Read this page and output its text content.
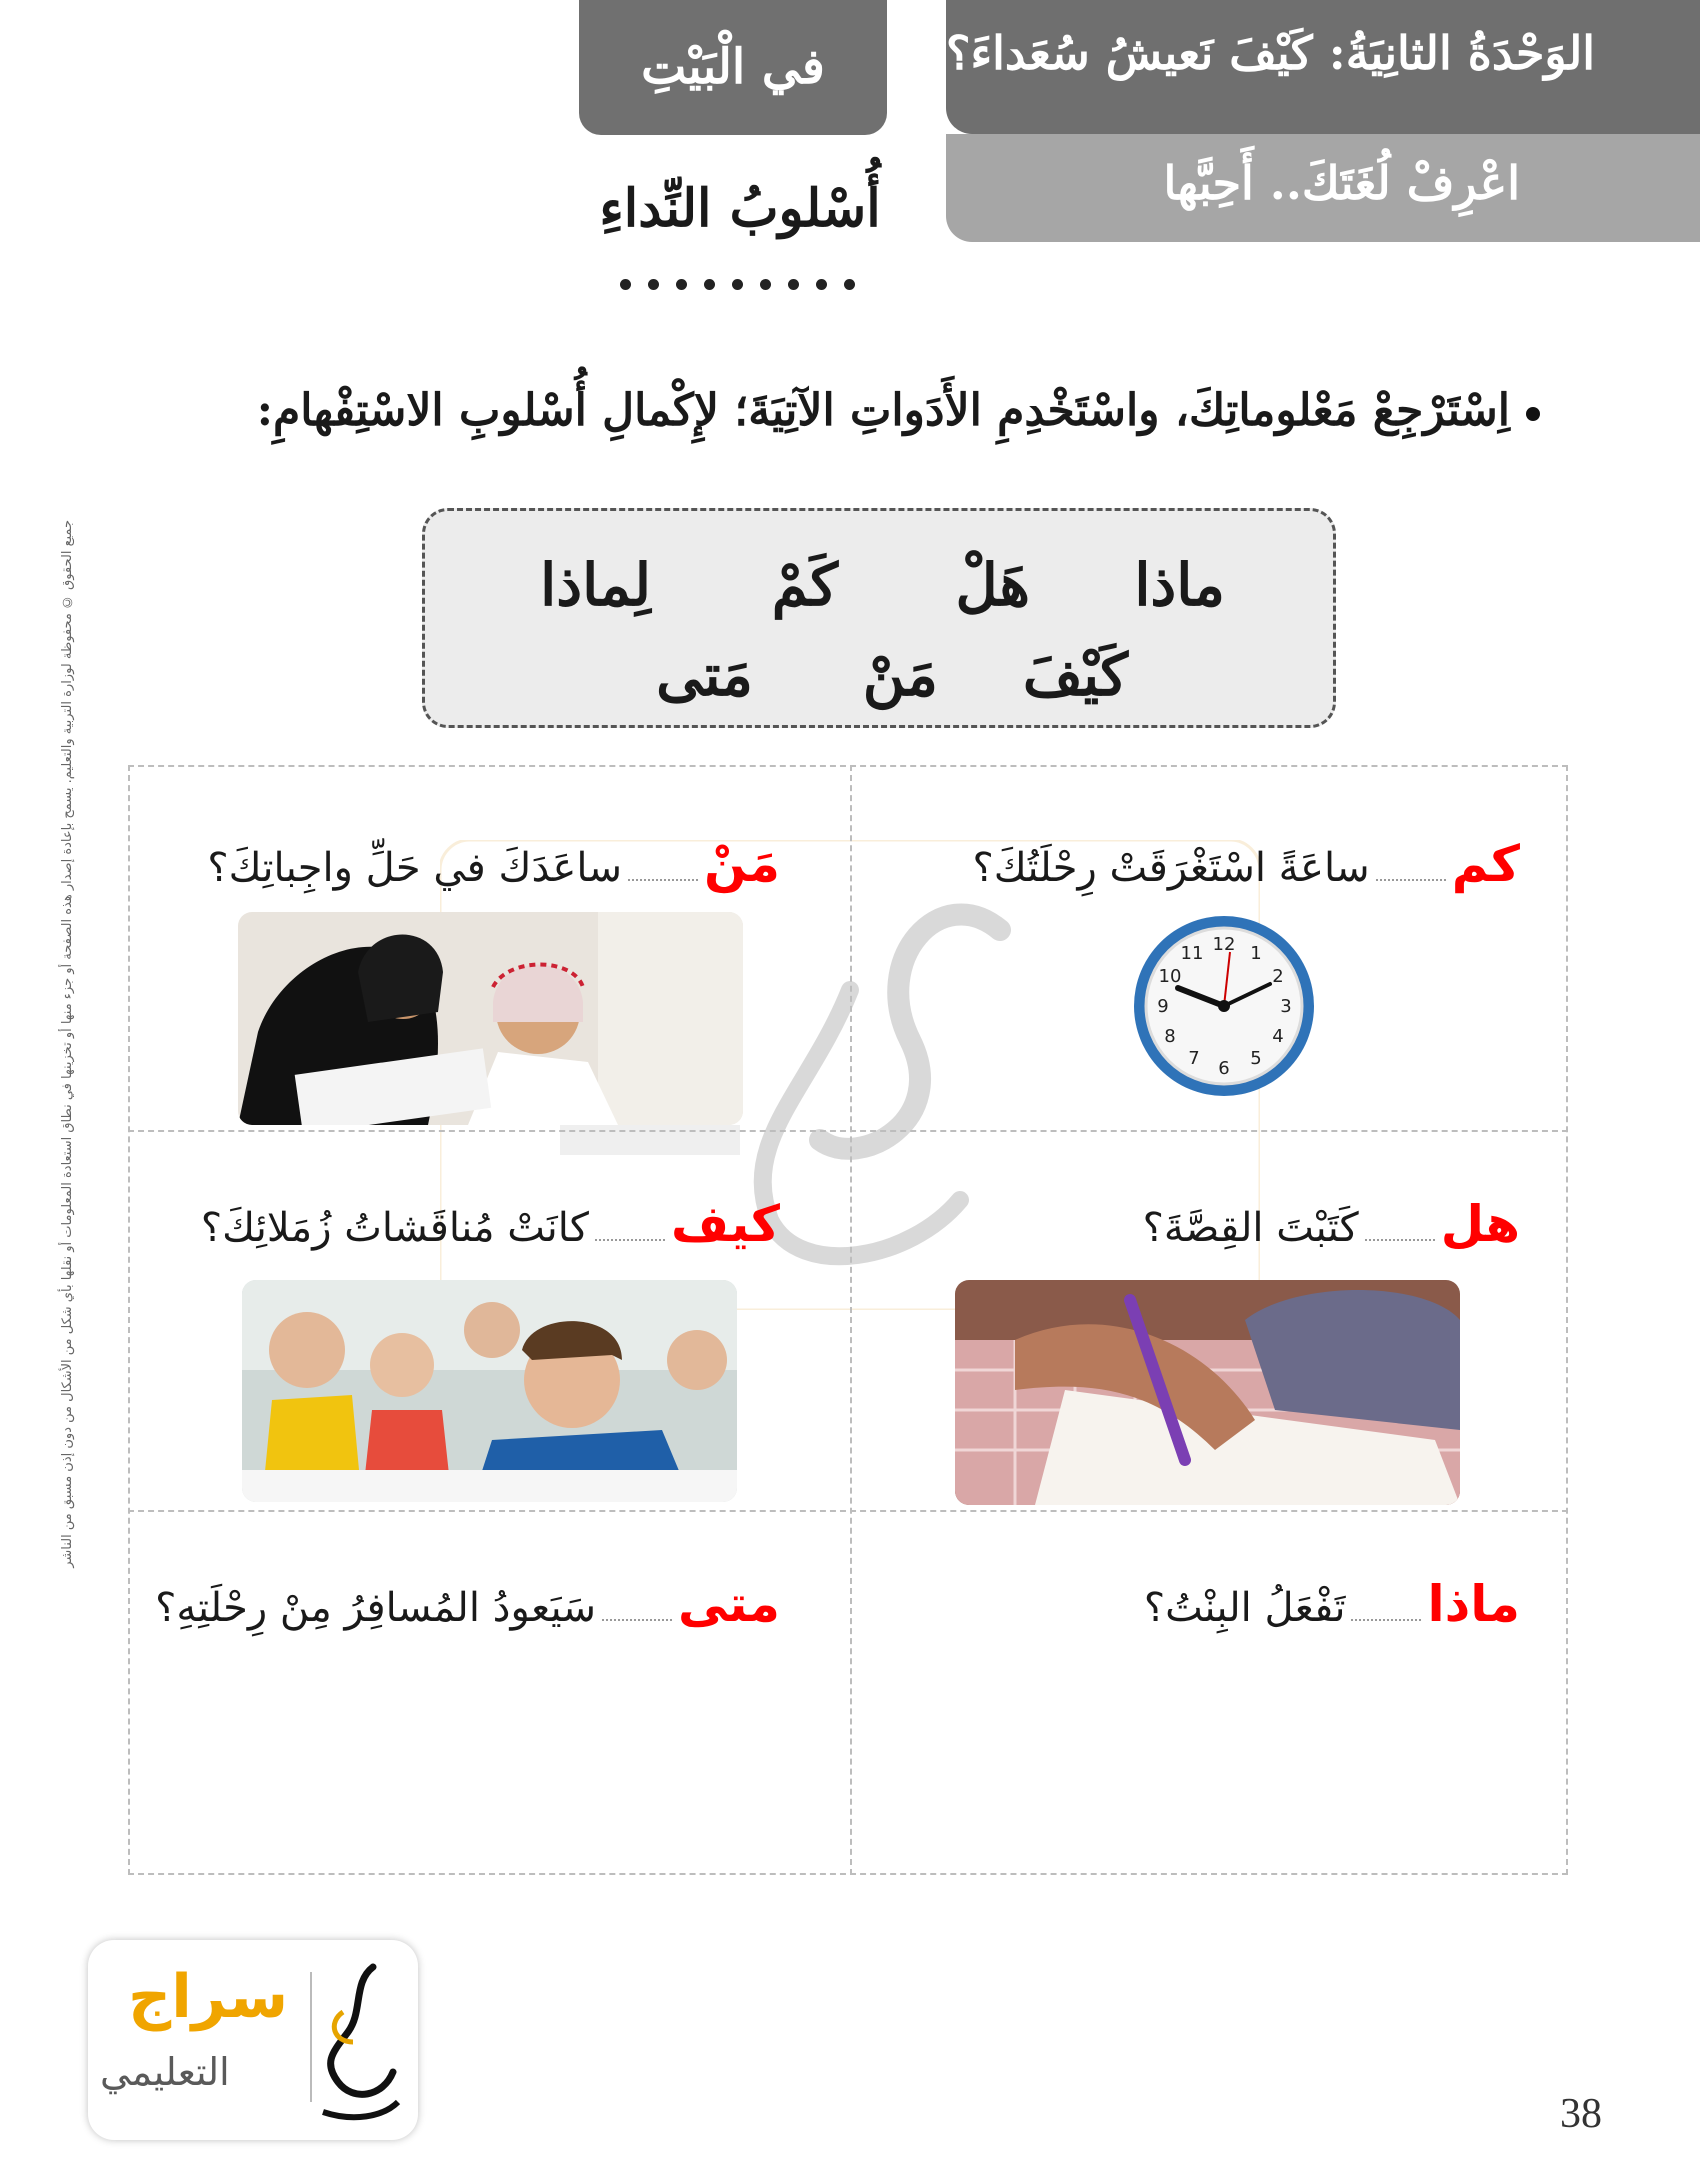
جميع الحقوق © محفوظة لوزارة التربية والتعليم. يسمح بإعادة إصدار هذه الصفحة أو جزء منها أو تخزينها في نطاق استعادة المعلومات أو نقلها بأي شكل من الأشكال من دون إذن مسبق من الناشر
في الْبَيْتِ	الوَحْدَةُ الثانِيَةُ: كَيْفَ نَعيشُ سُعَداءَ؟
اعْرِفْ لُغَتَكَ.. أَحِبَّها
أُسْلوبُ النِّداءِ
اِسْتَرْجِعْ مَعْلوماتِكَ، واسْتَخْدِمِ الأَدَواتِ الآتِيَةَ؛ لإِكْمالِ أُسْلوبِ الاسْتِفْهامِ:
ماذا
هَلْ
كَمْ
لِماذا
كَيْفَ
مَنْ
مَتى
كمساعَةً اسْتَغْرَقَتْ رِحْلَتُكَ؟
12 1
2
3
4
5
6
7
8
9
10
11
مَنْساعَدَكَ في حَلِّ واجِباتِكَ؟
هلكَتَبْتَ القِصَّةَ؟
كيفكانَتْ مُناقَشاتُ زُمَلائِكَ؟
ماذاتَفْعَلُ البِنْتُ؟
متىسَيَعودُ المُسافِرُ مِنْ رِحْلَتِهِ؟
سراج
التعليمي
38
